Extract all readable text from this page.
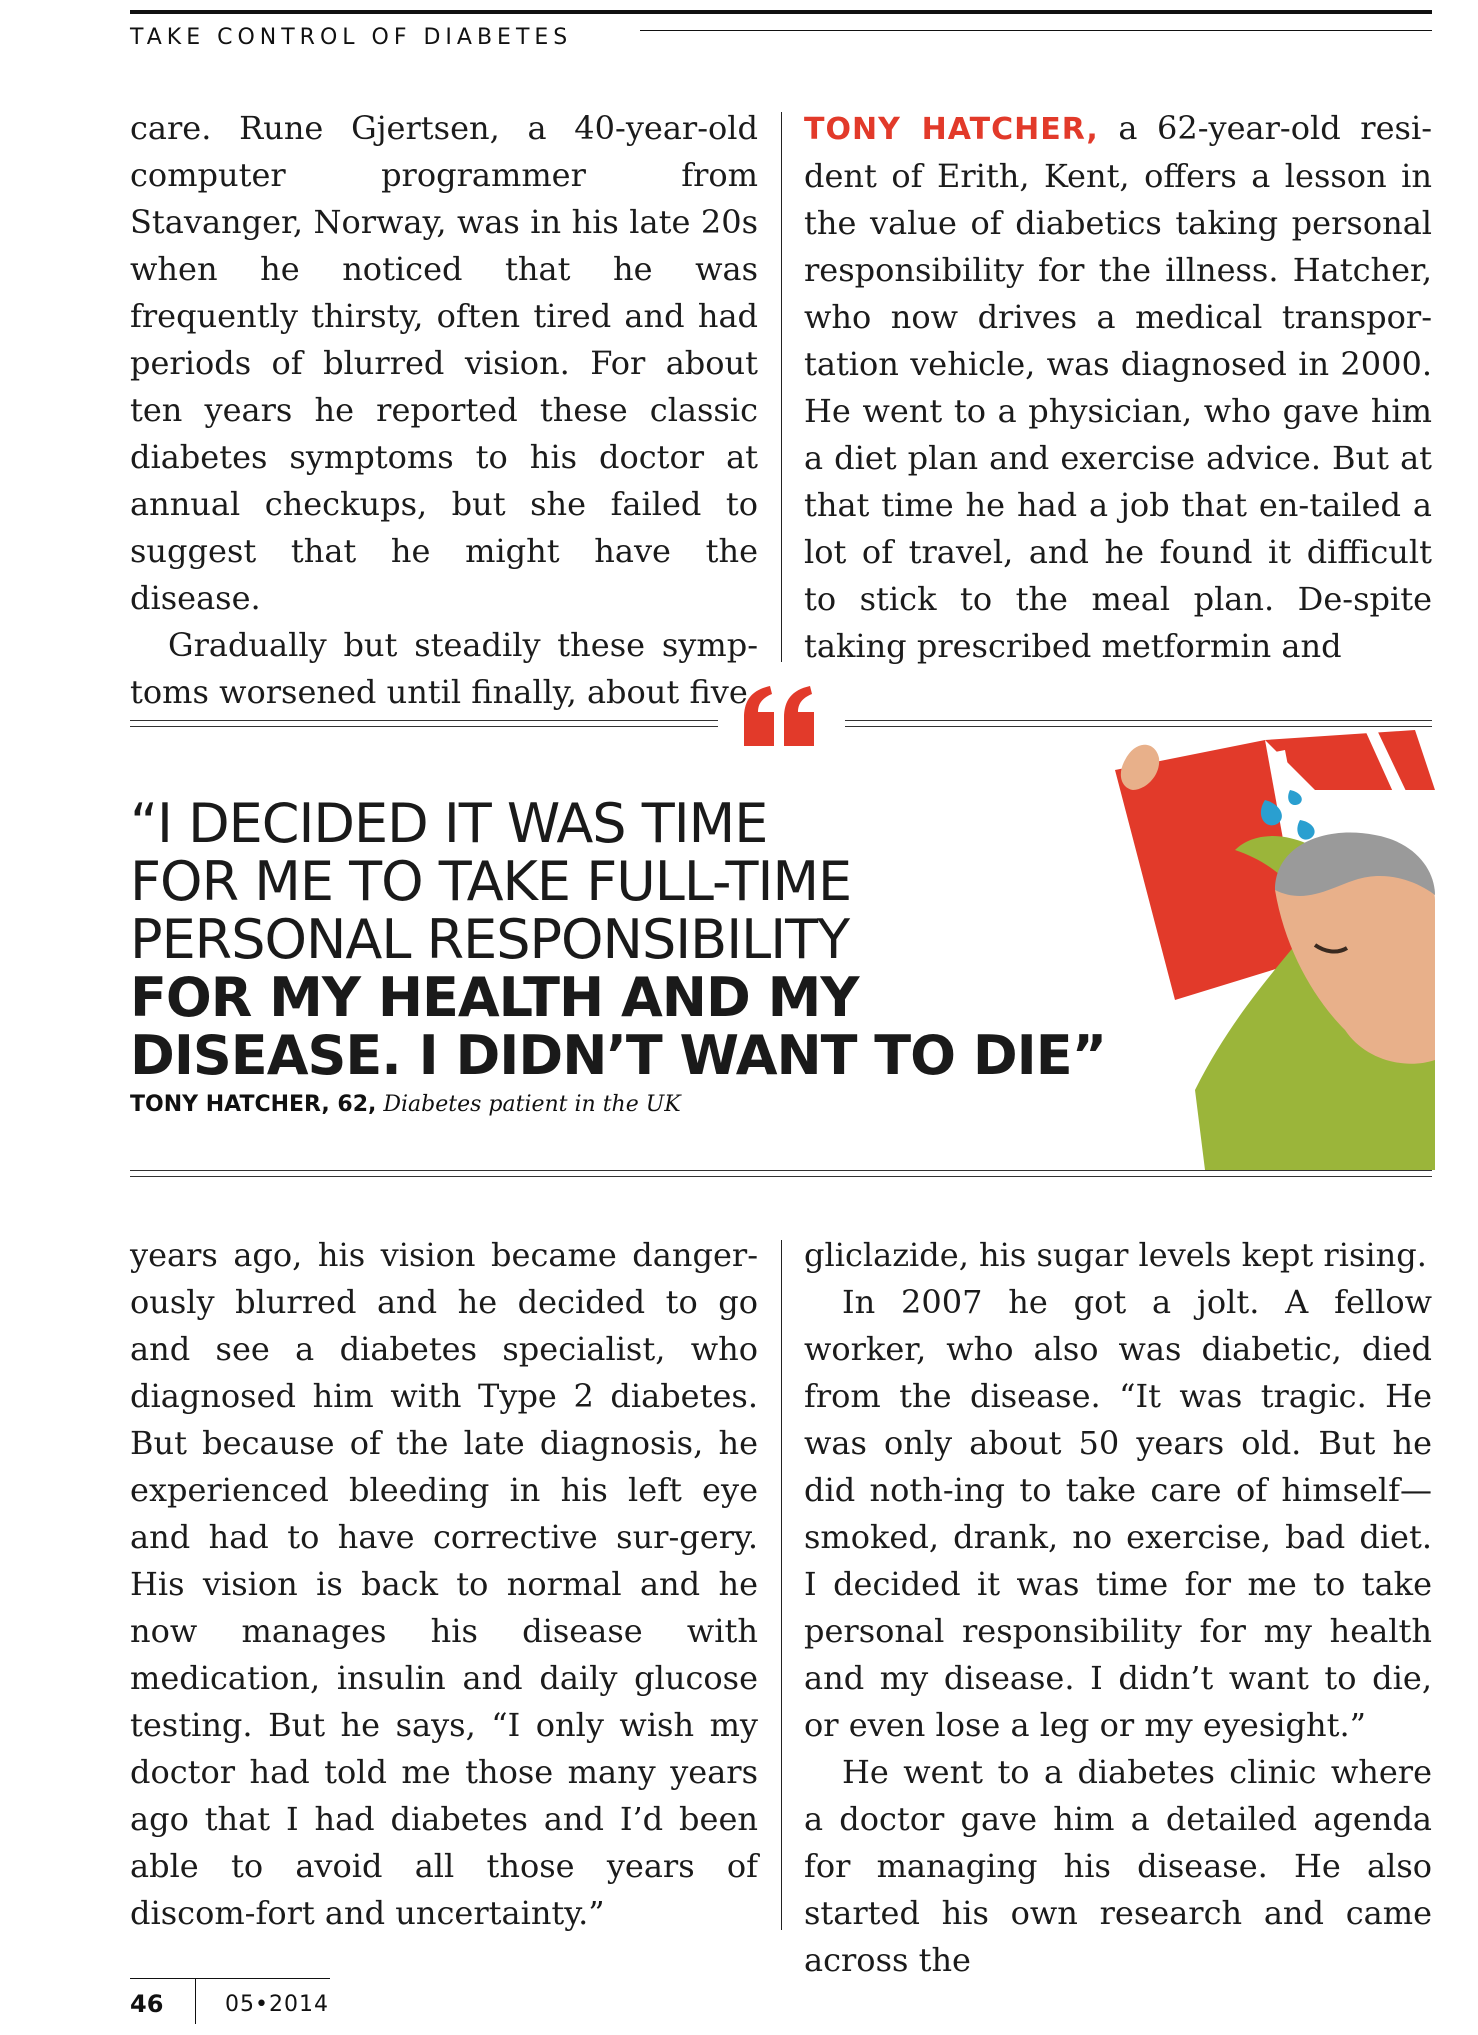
TAKE CONTROL OF DIABETES

care. Rune Gjertsen, a 40-year-old computer programmer from Stavanger, Norway, was in his late 20s when he noticed that he was frequently thirsty, often tired and had periods of blurred vision. For about ten years he reported these classic diabetes symptoms to his doctor at annual checkups, but she failed to suggest that he might have the disease.

Gradually but steadily these symp-toms worsened until finally, about five

TONY HATCHER, a 62-year-old resi-dent of Erith, Kent, offers a lesson in the value of diabetics taking personal responsibility for the illness. Hatcher, who now drives a medical transpor-tation vehicle, was diagnosed in 2000. He went to a physician, who gave him a diet plan and exercise advice. But at that time he had a job that en-tailed a lot of travel, and he found it difficult to stick to the meal plan. De-spite taking prescribed metformin and

“I DECIDED IT WAS TIME
FOR ME TO TAKE FULL-TIME
PERSONAL RESPONSIBILITY
FOR MY HEALTH AND MY
DISEASE. I DIDN’T WANT TO DIE”
TONY HATCHER, 62, Diabetes patient in the UK

years ago, his vision became danger-ously blurred and he decided to go and see a diabetes specialist, who diagnosed him with Type 2 diabetes. But because of the late diagnosis, he experienced bleeding in his left eye and had to have corrective sur-gery. His vision is back to normal and he now manages his disease with medication, insulin and daily glucose testing. But he says, “I only wish my doctor had told me those many years ago that I had diabetes and I’d been able to avoid all those years of discom-fort and uncertainty.”

gliclazide, his sugar levels kept rising.

In 2007 he got a jolt. A fellow worker, who also was diabetic, died from the disease. “It was tragic. He was only about 50 years old. But he did noth-ing to take care of himself—smoked, drank, no exercise, bad diet. I decided it was time for me to take personal responsibility for my health and my disease. I didn’t want to die, or even lose a leg or my eyesight.”

He went to a diabetes clinic where a doctor gave him a detailed agenda for managing his disease. He also started his own research and came across the

46	05•2014
